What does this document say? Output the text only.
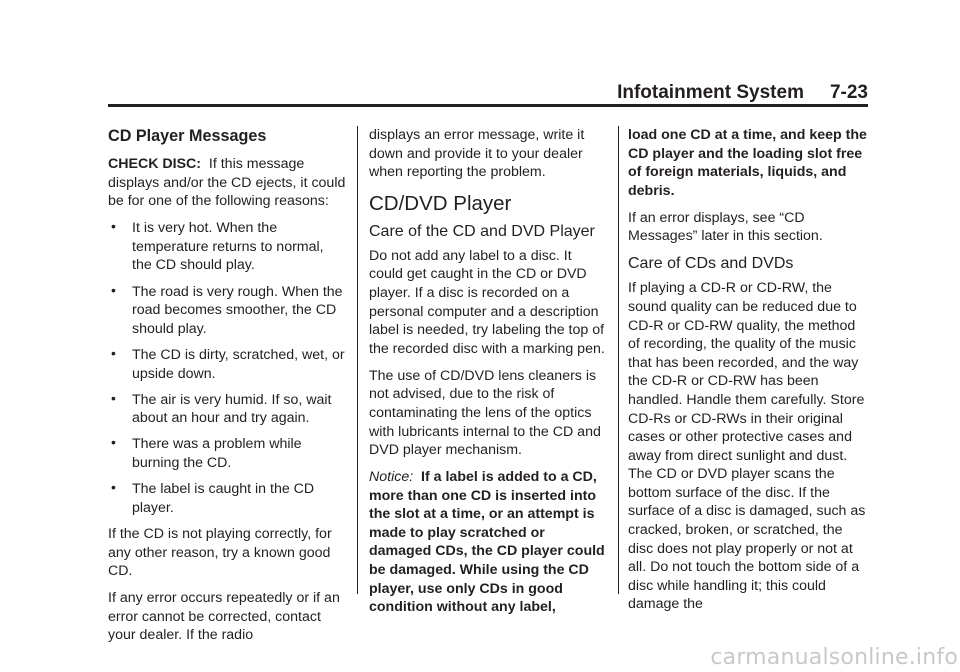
Infotainment System 7-23
CD Player Messages

CHECK DISC: If this message displays and/or the CD ejects, it could be for one of the following reasons:

• It is very hot. When the temperature returns to normal, the CD should play.
• The road is very rough. When the road becomes smoother, the CD should play.
• The CD is dirty, scratched, wet, or upside down.
• The air is very humid. If so, wait about an hour and try again.
• There was a problem while burning the CD.
• The label is caught in the CD player.

If the CD is not playing correctly, for any other reason, try a known good CD.

If any error occurs repeatedly or if an error cannot be corrected, contact your dealer. If the radio

displays an error message, write it down and provide it to your dealer when reporting the problem.

CD/DVD Player
Care of the CD and DVD Player

Do not add any label to a disc. It could get caught in the CD or DVD player. If a disc is recorded on a personal computer and a description label is needed, try labeling the top of the recorded disc with a marking pen.

The use of CD/DVD lens cleaners is not advised, due to the risk of contaminating the lens of the optics with lubricants internal to the CD and DVD player mechanism.

Notice: If a label is added to a CD, more than one CD is inserted into the slot at a time, or an attempt is made to play scratched or damaged CDs, the CD player could be damaged. While using the CD player, use only CDs in good condition without any label,

load one CD at a time, and keep the CD player and the loading slot free of foreign materials, liquids, and debris.

If an error displays, see “CD Messages” later in this section.

Care of CDs and DVDs

If playing a CD-R or CD-RW, the sound quality can be reduced due to CD-R or CD-RW quality, the method of recording, the quality of the music that has been recorded, and the way the CD-R or CD-RW has been handled. Handle them carefully. Store CD-Rs or CD-RWs in their original cases or other protective cases and away from direct sunlight and dust. The CD or DVD player scans the bottom surface of the disc. If the surface of a disc is damaged, such as cracked, broken, or scratched, the disc does not play properly or not at all. Do not touch the bottom side of a disc while handling it; this could damage the

carmanualsonline.info
